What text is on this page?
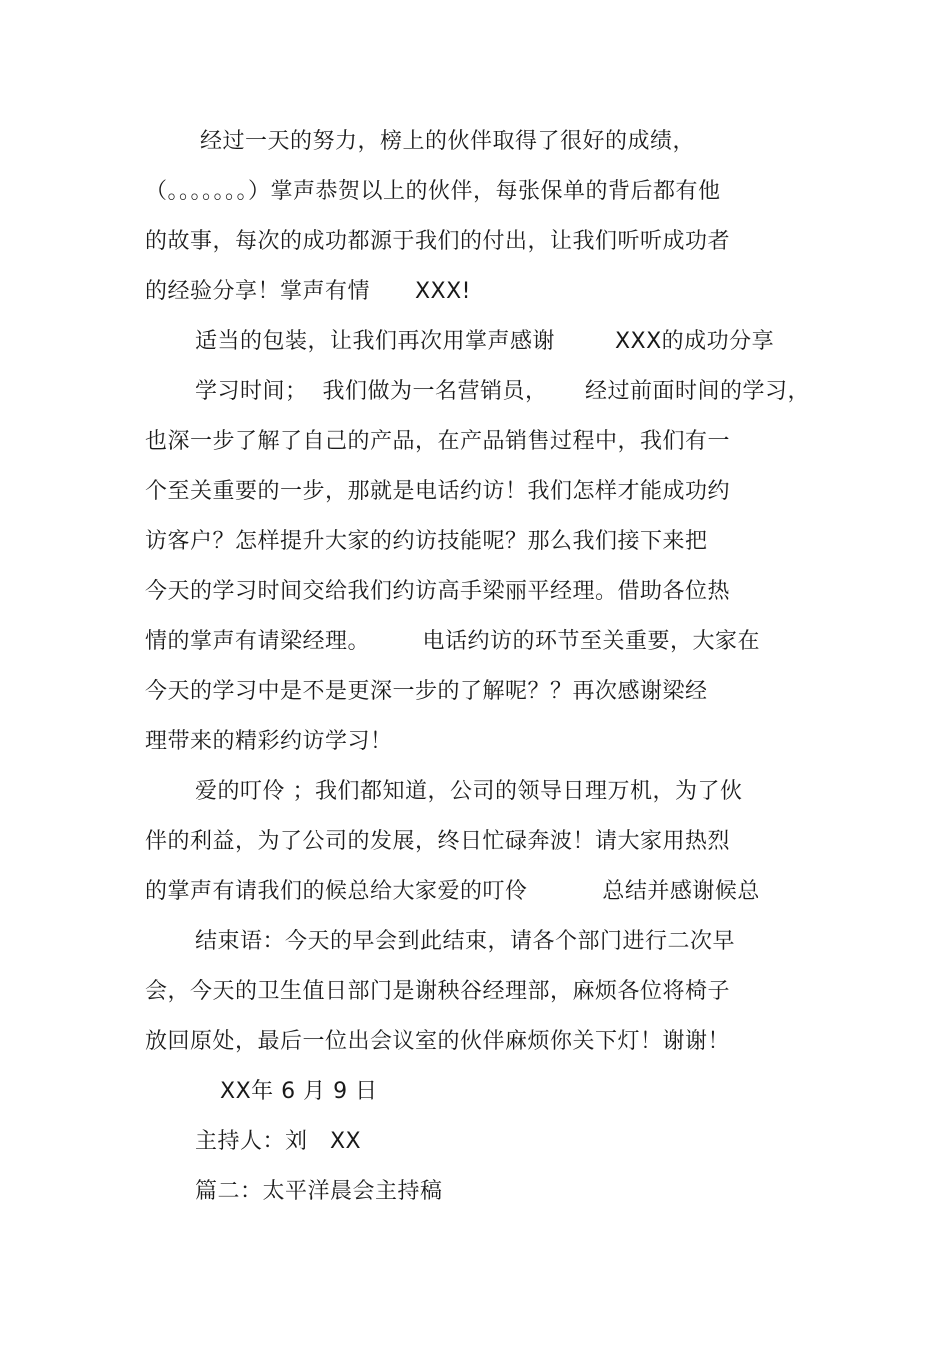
经过一天的努力，榜上的伙伴取得了很好的成绩，
（。。。。。。。）掌声恭贺以上的伙伴，每张保单的背后都有他
的故事，每次的成功都源于我们的付出，让我们听听成功者
的经验分享！掌声有情      XXX!
适当的包装，让我们再次用掌声感谢        XXX的成功分享
学习时间；  我们做为一名营销员，     经过前面时间的学习，
也深一步了解了自己的产品，在产品销售过程中，我们有一
个至关重要的一步，那就是电话约访！我们怎样才能成功约
访客户？怎样提升大家的约访技能呢？那么我们接下来把
今天的学习时间交给我们约访高手梁丽平经理。借助各位热
情的掌声有请梁经理。       电话约访的环节至关重要，大家在
今天的学习中是不是更深一步的了解呢？？再次感谢梁经
理带来的精彩约访学习！
爱的叮伶 ；我们都知道，公司的领导日理万机，为了伙
伴的利益，为了公司的发展，终日忙碌奔波！请大家用热烈
的掌声有请我们的候总给大家爱的叮伶          总结并感谢候总
结束语：今天的早会到此结束，请各个部门进行二次早
会，今天的卫生值日部门是谢秧谷经理部，麻烦各位将椅子
放回原处，最后一位出会议室的伙伴麻烦你关下灯！谢谢！
XX年 6 月 9 日
主持人：刘   XX
篇二：太平洋晨会主持稿
